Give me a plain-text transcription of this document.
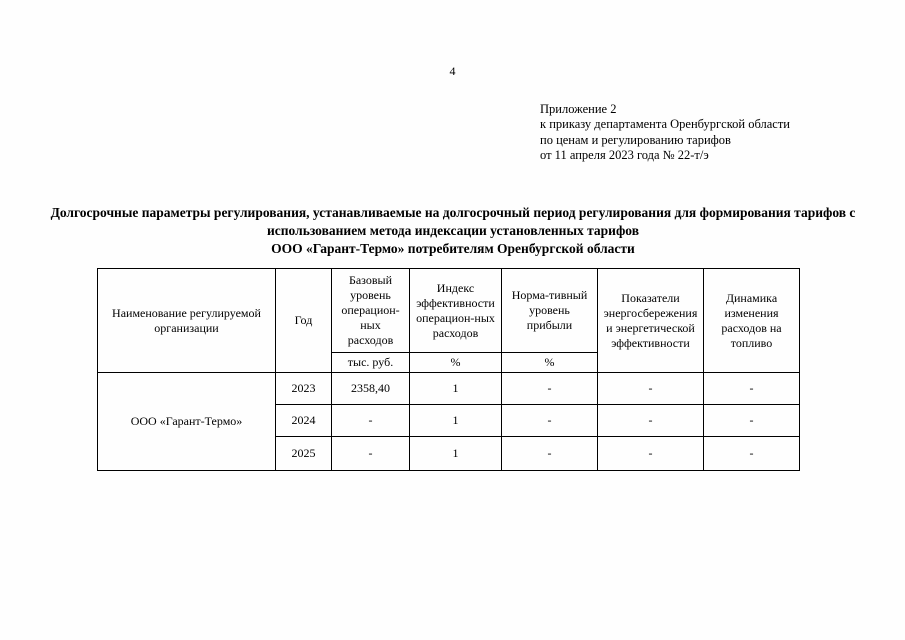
4
Приложение 2
к приказу департамента Оренбургской области
по ценам и регулированию тарифов
от 11 апреля 2023 года № 22-т/э
Долгосрочные параметры регулирования, устанавливаемые на долгосрочный период регулирования для формирования тарифов с использованием метода индексации установленных тарифов
ООО «Гарант-Термо» потребителям Оренбургской области
Наименование регулируемой организации	Год	Базовый уровень операцион-ных расходов	Индекс эффективности операцион-ных расходов	Норма-тивный уровень прибыли	Показатели энергосбережения и энергетической эффективности	Динамика изменения расходов на топливо
		тыс. руб.	%	%		
ООО «Гарант-Термо»	2023	2358,40	1	-	-	-
	2024	-	1	-	-	-
	2025	-	1	-	-	-
